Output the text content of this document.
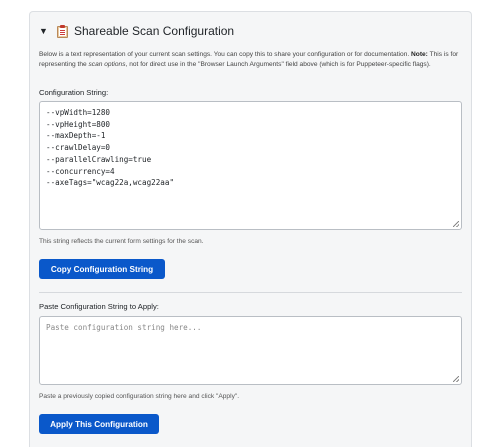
▼ Shareable Scan Configuration
Below is a text representation of your current scan settings. You can copy this to share your configuration or for documentation. Note: This is for representing the scan options, not for direct use in the "Browser Launch Arguments" field above (which is for Puppeteer-specific flags).
Configuration String:
--vpWidth=1280
--vpHeight=800
--maxDepth=-1
--crawlDelay=0
--parallelCrawling=true
--concurrency=4
--axeTags="wcag22a,wcag22aa"
This string reflects the current form settings for the scan.
Copy Configuration String
Paste Configuration String to Apply:
Paste configuration string here...
Paste a previously copied configuration string here and click "Apply".
Apply This Configuration
